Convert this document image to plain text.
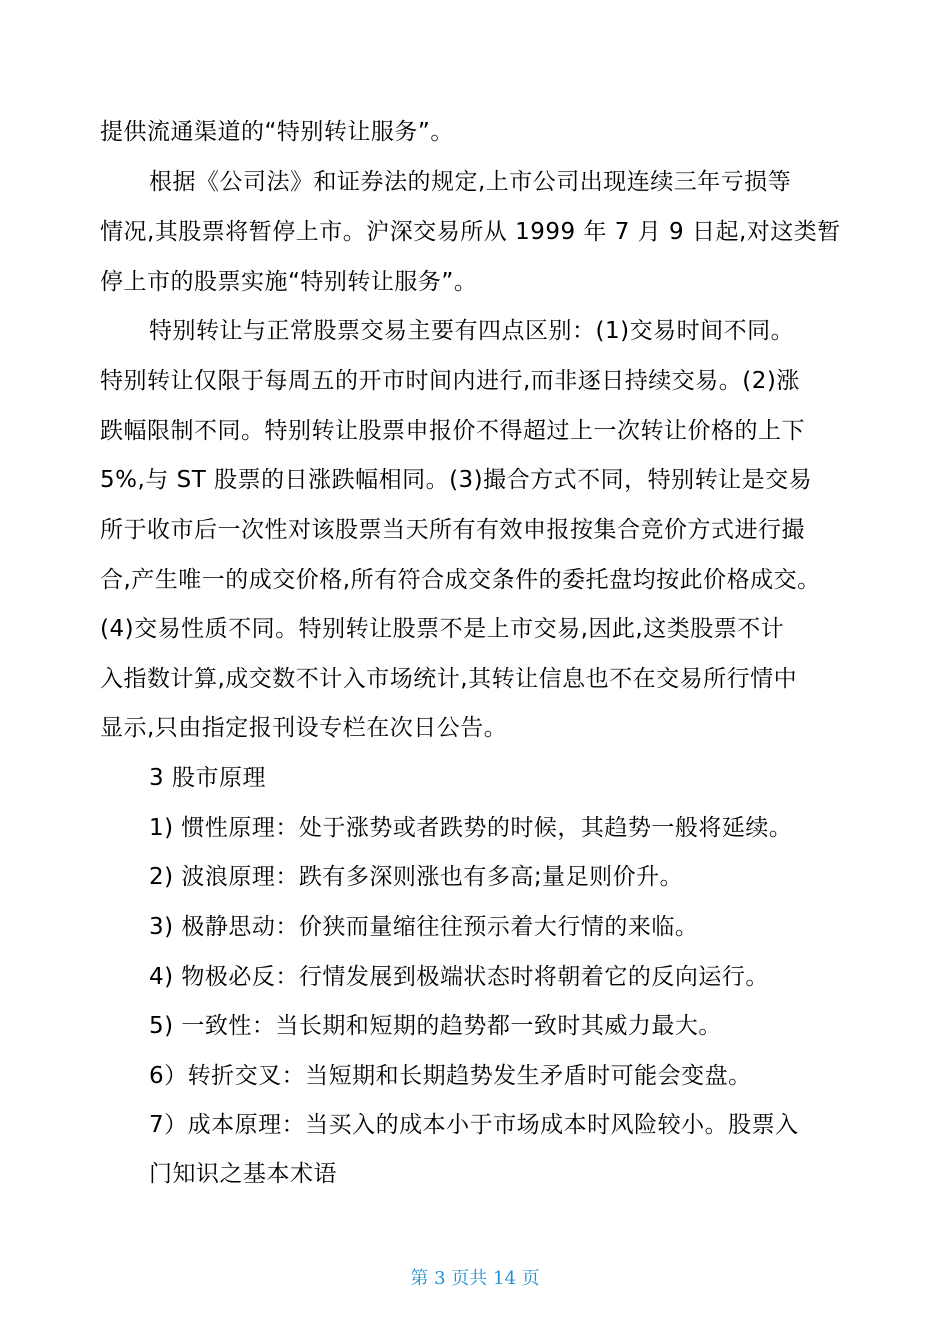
提供流通渠道的“特别转让服务”。
根据《公司法》和证券法的规定,上市公司出现连续三年亏损等
情况,其股票将暂停上市。沪深交易所从 1999 年 7 月 9 日起,对这类暂
停上市的股票实施“特别转让服务”。
特别转让与正常股票交易主要有四点区别：(1)交易时间不同。
特别转让仅限于每周五的开市时间内进行,而非逐日持续交易。(2)涨
跌幅限制不同。特别转让股票申报价不得超过上一次转让价格的上下
5%,与 ST 股票的日涨跌幅相同。(3)撮合方式不同，特别转让是交易
所于收市后一次性对该股票当天所有有效申报按集合竞价方式进行撮
合,产生唯一的成交价格,所有符合成交条件的委托盘均按此价格成交。
(4)交易性质不同。特别转让股票不是上市交易,因此,这类股票不计
入指数计算,成交数不计入市场统计,其转让信息也不在交易所行情中
显示,只由指定报刊设专栏在次日公告。
3 股市原理
1) 惯性原理：处于涨势或者跌势的时候，其趋势一般将延续。
2) 波浪原理：跌有多深则涨也有多高;量足则价升。
3) 极静思动：价狭而量缩往往预示着大行情的来临。
4) 物极必反：行情发展到极端状态时将朝着它的反向运行。
5) 一致性：当长期和短期的趋势都一致时其威力最大。
6）转折交叉：当短期和长期趋势发生矛盾时可能会变盘。
7）成本原理：当买入的成本小于市场成本时风险较小。股票入
门知识之基本术语
第 3 页共 14 页
